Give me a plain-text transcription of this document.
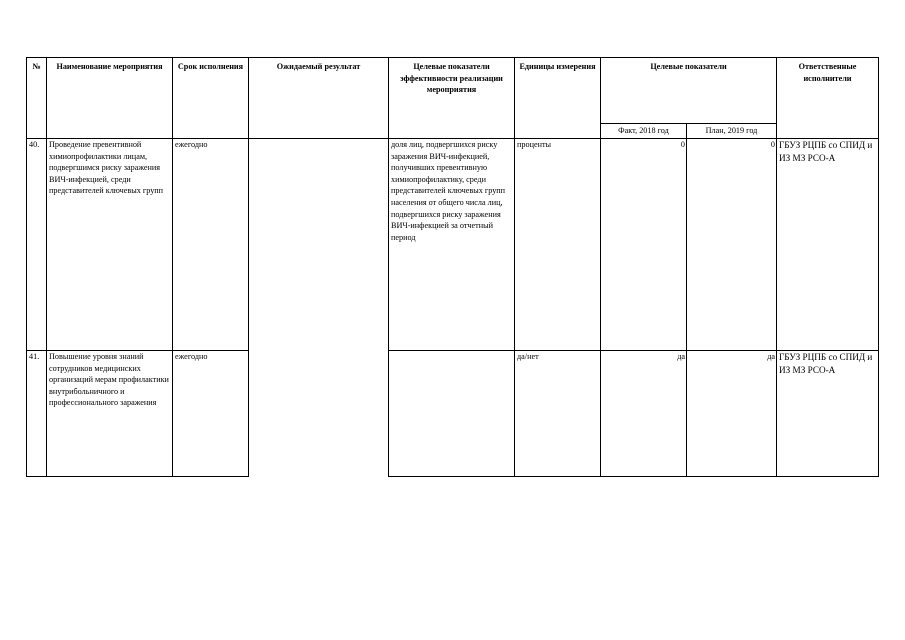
№	Наименование мероприятия	Срок исполнения	Ожидаемый результат	Целевые показатели эффективности реализации мероприятия	Единицы измерения	Целевые показатели		Ответственные исполнители
						Факт, 2018 год	План, 2019 год	
40.	Проведение превентивной химиопрофилактики лицам, подвергшимся риску заражения ВИЧ-инфекцией, среди представителей ключевых групп	ежегодно		доля лиц, подвергшихся риску заражения ВИЧ-инфекцией, получивших превентивную химиопрофилактику, среди представителей ключевых групп населения от общего числа лиц, подвергшихся риску заражения ВИЧ-инфекцией за отчетный период	проценты	0	0	ГБУЗ РЦПБ со СПИД и ИЗ МЗ РСО-А
41.	Повышение уровня знаний сотрудников медицинских организаций мерам профилактики внутрибольничного и профессионального заражения	ежегодно			да/нет	да	да	ГБУЗ РЦПБ со СПИД и ИЗ МЗ РСО-А
